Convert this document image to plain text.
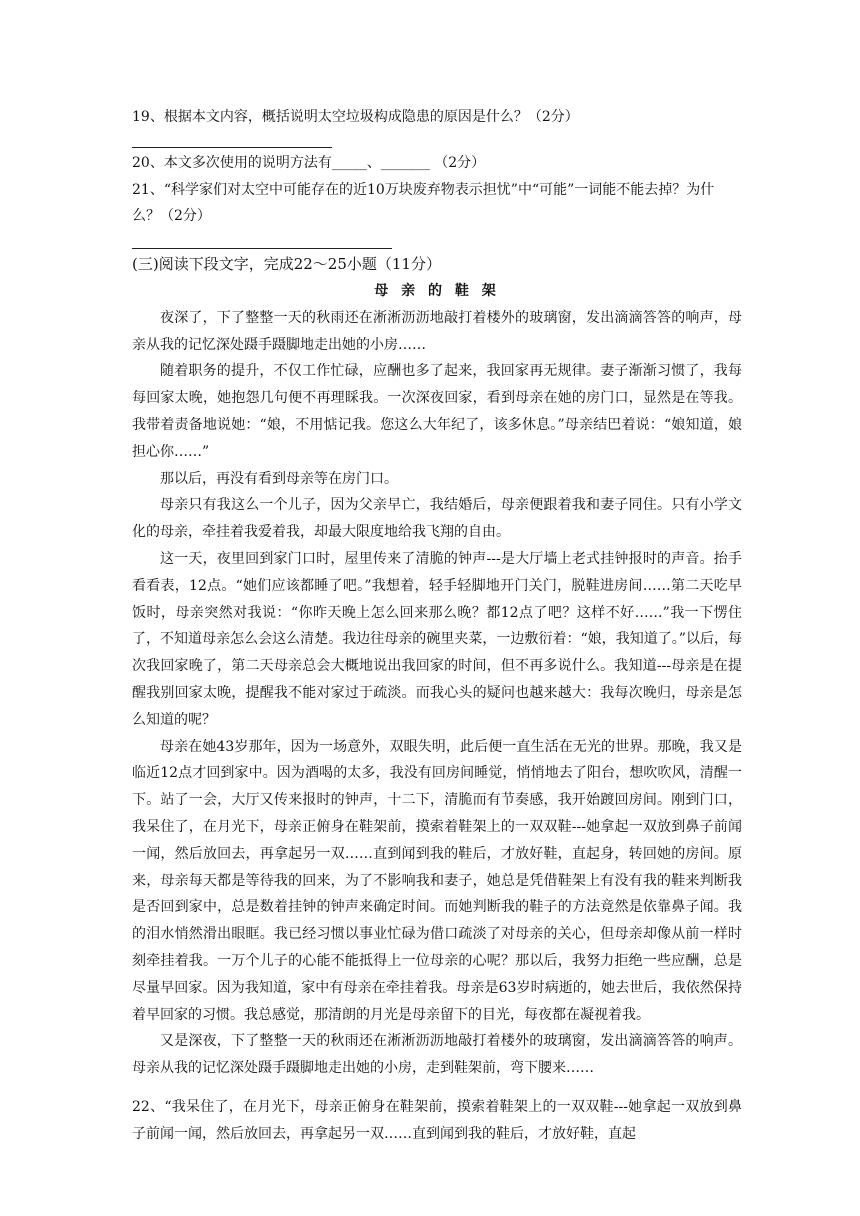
19、根据本文内容，概括说明太空垃圾构成隐患的原因是什么？（2分）

20、本文多次使用的说明方法有_____、_______ （2分）

21、“科学家们对太空中可能存在的近10万块废弃物表示担忧”中“可能”一词能不能去掉？为什么？（2分）

(三)阅读下段文字，完成22～25小题（11分）

母 亲 的 鞋 架

夜深了，下了整整一天的秋雨还在淅淅沥沥地敲打着楼外的玻璃窗，发出滴滴答答的响声，母亲从我的记忆深处蹑手蹑脚地走出她的小房……

随着职务的提升，不仅工作忙碌，应酬也多了起来，我回家再无规律。妻子渐渐习惯了，我每每回家太晚，她抱怨几句便不再理睬我。一次深夜回家，看到母亲在她的房门口，显然是在等我。我带着责备地说她：“娘，不用惦记我。您这么大年纪了，该多休息。”母亲结巴着说：“娘知道，娘担心你……”

那以后，再没有看到母亲等在房门口。

母亲只有我这么一个儿子，因为父亲早亡，我结婚后，母亲便跟着我和妻子同住。只有小学文化的母亲，牵挂着我爱着我，却最大限度地给我飞翔的自由。

这一天，夜里回到家门口时，屋里传来了清脆的钟声---是大厅墙上老式挂钟报时的声音。抬手看看表，12点。“她们应该都睡了吧。”我想着，轻手轻脚地开门关门，脱鞋进房间……第二天吃早饭时，母亲突然对我说：“你昨天晚上怎么回来那么晚？都12点了吧？这样不好……”我一下愣住了，不知道母亲怎么会这么清楚。我边往母亲的碗里夹菜，一边敷衍着：“娘，我知道了。”以后，每次我回家晚了，第二天母亲总会大概地说出我回家的时间，但不再多说什么。我知道---母亲是在提醒我别回家太晚，提醒我不能对家过于疏淡。而我心头的疑问也越来越大：我每次晚归，母亲是怎么知道的呢？

母亲在她43岁那年，因为一场意外，双眼失明，此后便一直生活在无光的世界。那晚，我又是临近12点才回到家中。因为酒喝的太多，我没有回房间睡觉，悄悄地去了阳台，想吹吹风，清醒一下。站了一会，大厅又传来报时的钟声，十二下，清脆而有节奏感，我开始踱回房间。刚到门口，我呆住了，在月光下，母亲正俯身在鞋架前，摸索着鞋架上的一双双鞋---她拿起一双放到鼻子前闻一闻，然后放回去，再拿起另一双……直到闻到我的鞋后，才放好鞋，直起身，转回她的房间。原来，母亲每天都是等待我的回来，为了不影响我和妻子，她总是凭借鞋架上有没有我的鞋来判断我是否回到家中，总是数着挂钟的钟声来确定时间。而她判断我的鞋子的方法竟然是依靠鼻子闻。我的泪水悄然滑出眼眶。我已经习惯以事业忙碌为借口疏淡了对母亲的关心，但母亲却像从前一样时刻牵挂着我。一万个儿子的心能不能抵得上一位母亲的心呢？那以后，我努力拒绝一些应酬，总是尽量早回家。因为我知道，家中有母亲在牵挂着我。母亲是63岁时病逝的，她去世后，我依然保持着早回家的习惯。我总感觉，那清朗的月光是母亲留下的目光，每夜都在凝视着我。

又是深夜，下了整整一天的秋雨还在淅淅沥沥地敲打着楼外的玻璃窗，发出滴滴答答的响声。母亲从我的记忆深处蹑手蹑脚地走出她的小房，走到鞋架前，弯下腰来……

22、“我呆住了，在月光下，母亲正俯身在鞋架前，摸索着鞋架上的一双双鞋---她拿起一双放到鼻子前闻一闻，然后放回去，再拿起另一双……直到闻到我的鞋后，才放好鞋，直起
